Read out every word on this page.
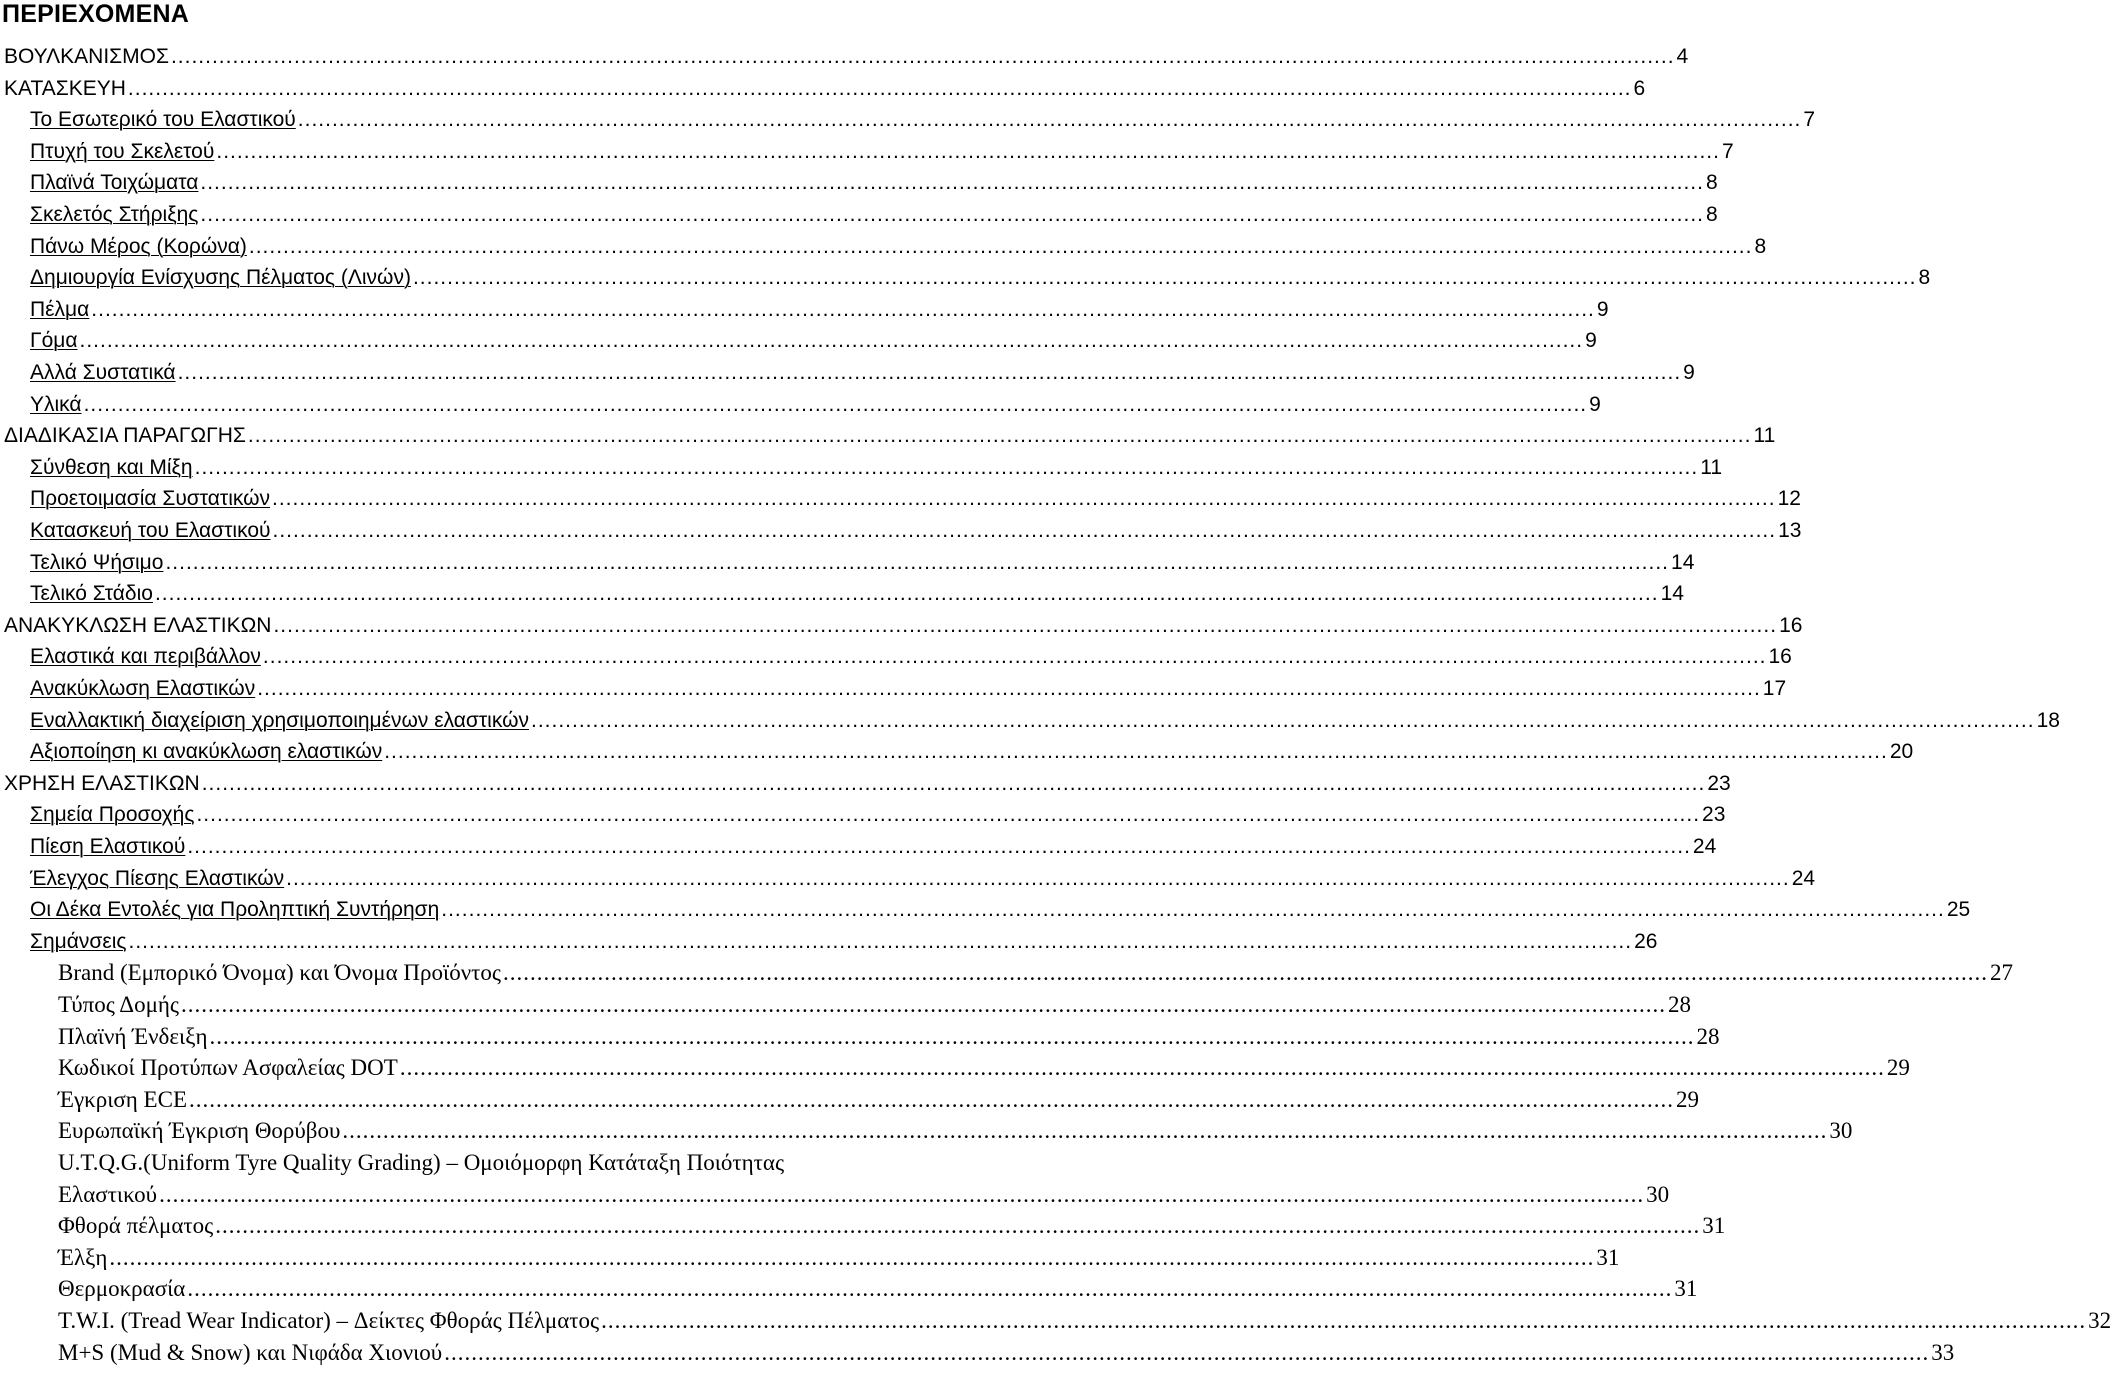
ΠΕΡΙΕΧΟΜΕΝΑ
ΒΟΥΛΚΑΝΙΣΜΟΣ ............................................................................................................................................................................................................................ 4
ΚΑΤΑΣΚΕΥΗ ............................................................................................................................................................................................................................ 6
Το Εσωτερικό του Ελαστικού ............................................................................................................................................................................................................................ 7
Πτυχή του Σκελετού ............................................................................................................................................................................................................................ 7
Πλαϊνά Τοιχώματα ............................................................................................................................................................................................................................ 8
Σκελετός Στήριξης ............................................................................................................................................................................................................................ 8
Πάνω Μέρος (Κορώνα) ............................................................................................................................................................................................................................ 8
Δημιουργία Ενίσχυσης Πέλματος (Λινών) ............................................................................................................................................................................................................................ 8
Πέλμα ............................................................................................................................................................................................................................ 9
Γόμα ............................................................................................................................................................................................................................ 9
Αλλά Συστατικά ............................................................................................................................................................................................................................ 9
Υλικά ............................................................................................................................................................................................................................ 9
ΔΙΑΔΙΚΑΣΙΑ ΠΑΡΑΓΩΓΗΣ ............................................................................................................................................................................................................................ 11
Σύνθεση και Μίξη ............................................................................................................................................................................................................................ 11
Προετοιμασία Συστατικών ............................................................................................................................................................................................................................ 12
Κατασκευή του Ελαστικού ............................................................................................................................................................................................................................ 13
Τελικό Ψήσιμο ............................................................................................................................................................................................................................ 14
Τελικό Στάδιο ............................................................................................................................................................................................................................ 14
ΑΝΑΚΥΚΛΩΣΗ ΕΛΑΣΤΙΚΩΝ ............................................................................................................................................................................................................................ 16
Ελαστικά και περιβάλλον ............................................................................................................................................................................................................................ 16
Ανακύκλωση Ελαστικών ............................................................................................................................................................................................................................ 17
Εναλλακτική διαχείριση χρησιμοποιημένων ελαστικών ............................................................................................................................................................................................................................ 18
Αξιοποίηση κι ανακύκλωση ελαστικών ............................................................................................................................................................................................................................ 20
ΧΡΗΣΗ ΕΛΑΣΤΙΚΩΝ ............................................................................................................................................................................................................................ 23
Σημεία Προσοχής ............................................................................................................................................................................................................................ 23
Πίεση Ελαστικού ............................................................................................................................................................................................................................ 24
Έλεγχος Πίεσης Ελαστικών ............................................................................................................................................................................................................................ 24
Οι Δέκα Εντολές για Προληπτική Συντήρηση ............................................................................................................................................................................................................................ 25
Σημάνσεις ............................................................................................................................................................................................................................ 26
Brand (Εμπορικό Όνομα) και Όνομα Προϊόντος ............................................................................................................................................................................................................................ 27
Τύπος Δομής ............................................................................................................................................................................................................................ 28
Πλαϊνή Ένδειξη ............................................................................................................................................................................................................................ 28
Κωδικοί Προτύπων Ασφαλείας DOT ............................................................................................................................................................................................................................ 29
Έγκριση ECE ............................................................................................................................................................................................................................ 29
Ευρωπαϊκή Έγκριση Θορύβου ............................................................................................................................................................................................................................ 30
U.T.Q.G.(Uniform Tyre Quality Grading) – Ομοιόμορφη Κατάταξη Ποιότητας
Ελαστικού ............................................................................................................................................................................................................................ 30
Φθορά πέλματος ............................................................................................................................................................................................................................ 31
Έλξη ............................................................................................................................................................................................................................ 31
Θερμοκρασία ............................................................................................................................................................................................................................ 31
T.W.I. (Tread Wear Indicator) – Δείκτες Φθοράς Πέλματος ............................................................................................................................................................................................................................ 32
M+S (Mud & Snow) και Νιφάδα Χιονιού ............................................................................................................................................................................................................................ 33
